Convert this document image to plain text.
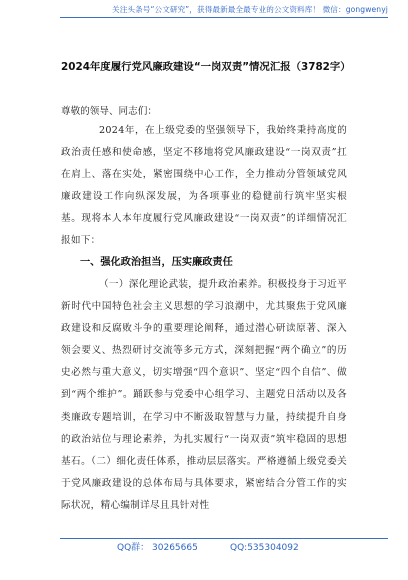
关注头条号“公文研究”，获得最新最全最专业的公文资料库！ 微信：gongwenyj
2024年度履行党风廉政建设“一岗双责”情况汇报（3782字）
尊敬的领导、同志们：
2024年，在上级党委的坚强领导下，我始终秉持高度的政治责任感和使命感，坚定不移地将党风廉政建设“一岗双责”扛在肩上、落在实处，紧密围绕中心工作，全力推动分管领域党风廉政建设工作向纵深发展，为各项事业的稳健前行筑牢坚实根基。现将本人本年度履行党风廉政建设“一岗双责”的详细情况汇报如下：
一、强化政治担当，压实廉政责任
（一）深化理论武装，提升政治素养。积极投身于习近平新时代中国特色社会主义思想的学习浪潮中，尤其聚焦于党风廉政建设和反腐败斗争的重要理论阐释，通过潜心研读原著、深入领会要义、热烈研讨交流等多元方式，深刻把握“两个确立”的历史必然与重大意义，切实增强“四个意识”、坚定“四个自信”、做到“两个维护”。踊跃参与党委中心组学习、主题党日活动以及各类廉政专题培训，在学习中不断汲取智慧与力量，持续提升自身的政治站位与理论素养，为扎实履行“一岗双责”筑牢稳固的思想基石。（二）细化责任体系，推动层层落实。严格遵循上级党委关于党风廉政建设的总体布局与具体要求，紧密结合分管工作的实际状况，精心编制详尽且具针对性
QQ群： 30265665	QQ:535304092
